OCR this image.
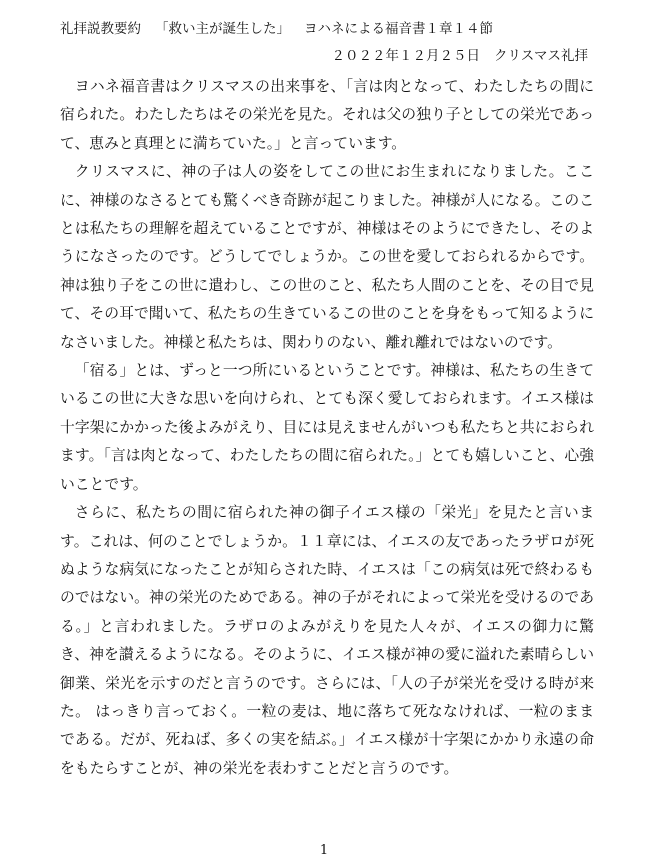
礼拝説教要約 「救い主が誕生した」 ヨハネによる福音書１章１４節
２０２２年１２月２５日 クリスマス礼拝

ヨハネ福音書はクリスマスの出来事を、「言は肉となって、わたしたちの間に宿られた。わたしたちはその栄光を見た。それは父の独り子としての栄光であって、恵みと真理とに満ちていた。」と言っています。

クリスマスに、神の子は人の姿をしてこの世にお生まれになりました。ここに、神様のなさるとても驚くべき奇跡が起こりました。神様が人になる。このことは私たちの理解を超えていることですが、神様はそのようにできたし、そのようになさったのです。どうしてでしょうか。この世を愛しておられるからです。神は独り子をこの世に遣わし、この世のこと、私たち人間のことを、その目で見て、その耳で聞いて、私たちの生きているこの世のことを身をもって知るようになさいました。神様と私たちは、関わりのない、離れ離れではないのです。

「宿る」とは、ずっと一つ所にいるということです。神様は、私たちの生きているこの世に大きな思いを向けられ、とても深く愛しておられます。イエス様は十字架にかかった後よみがえり、目には見えませんがいつも私たちと共におられます。「言は肉となって、わたしたちの間に宿られた。」とても嬉しいこと、心強いことです。

さらに、私たちの間に宿られた神の御子イエス様の「栄光」を見たと言います。これは、何のことでしょうか。１１章には、イエスの友であったラザロが死ぬような病気になったことが知らされた時、イエスは「この病気は死で終わるものではない。神の栄光のためである。神の子がそれによって栄光を受けるのである。」と言われました。ラザロのよみがえりを見た人々が、イエスの御力に驚き、神を讃えるようになる。そのように、イエス様が神の愛に溢れた素晴らしい御業、栄光を示すのだと言うのです。さらには、「人の子が栄光を受ける時が来た。 はっきり言っておく。一粒の麦は、地に落ちて死ななければ、一粒のままである。だが、死ねば、多くの実を結ぶ。」イエス様が十字架にかかり永遠の命をもたらすことが、神の栄光を表わすことだと言うのです。

1
